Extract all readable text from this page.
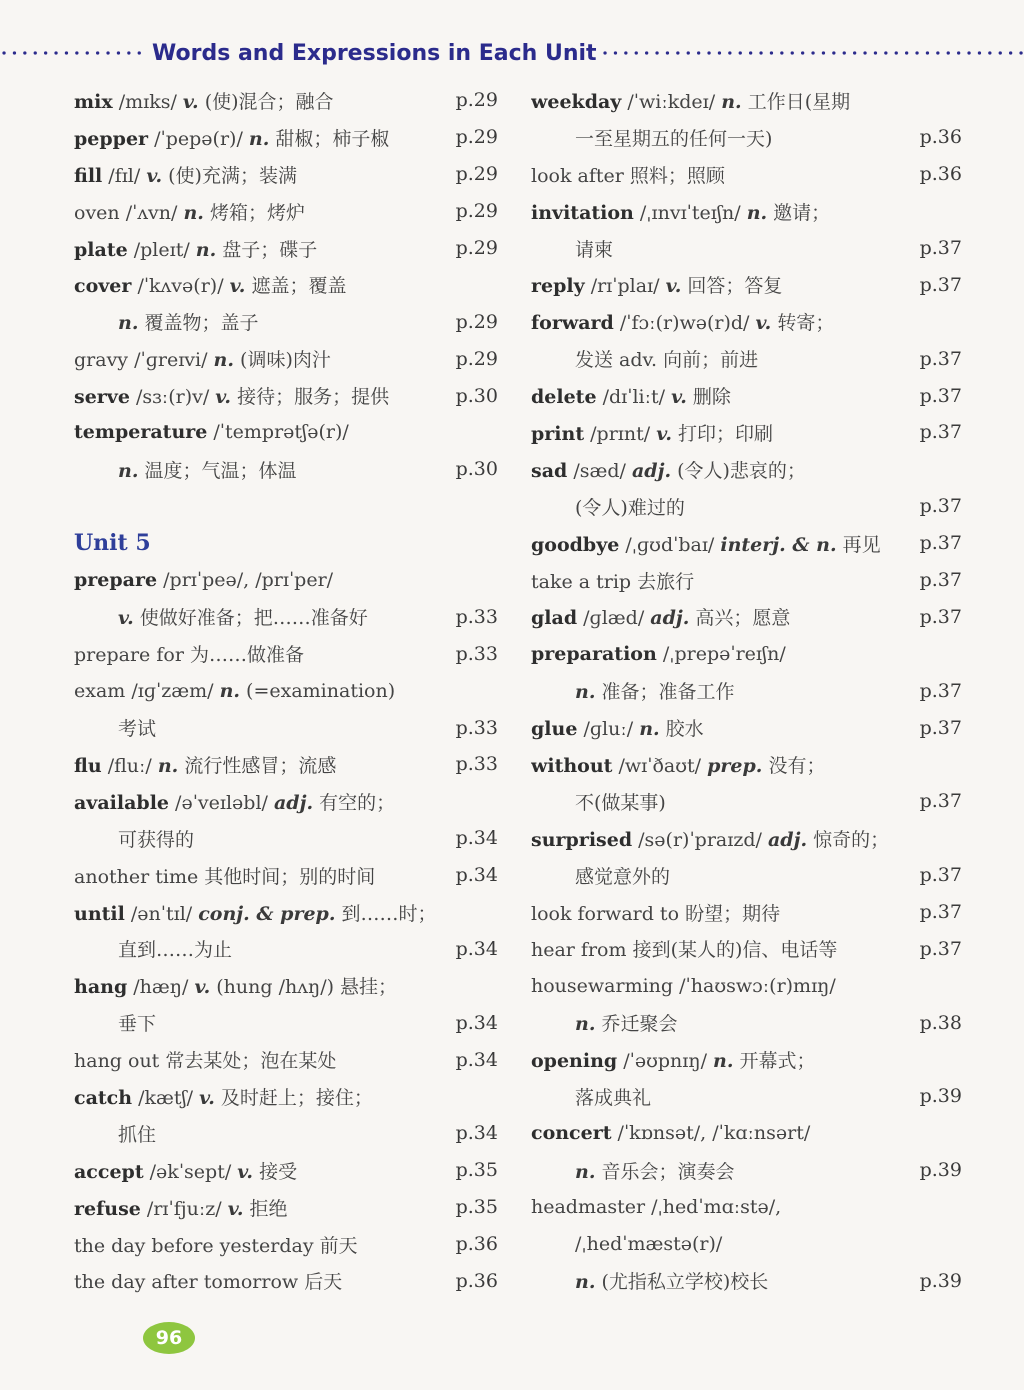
Words and Expressions in Each Unit
mix /mɪks/ v. (使)混合；融合	p.29
pepper /ˈpepə(r)/ n. 甜椒；柿子椒	p.29
fill /fɪl/ v. (使)充满；装满	p.29
oven /ˈʌvn/ n. 烤箱；烤炉	p.29
plate /pleɪt/ n. 盘子；碟子	p.29
cover /ˈkʌvə(r)/ v. 遮盖；覆盖
n. 覆盖物；盖子	p.29
gravy /ˈɡreɪvi/ n. (调味)肉汁	p.29
serve /sɜː(r)v/ v. 接待；服务；提供	p.30
temperature /ˈtemprətʃə(r)/
n. 温度；气温；体温	p.30
Unit 5
prepare /prɪˈpeə/, /prɪˈper/
v. 使做好准备；把……准备好	p.33
prepare for 为……做准备	p.33
exam /ɪɡˈzæm/ n. (=examination)
考试	p.33
flu /fluː/ n. 流行性感冒；流感	p.33
available /əˈveɪləbl/ adj. 有空的；
可获得的	p.34
another time 其他时间；别的时间	p.34
until /ənˈtɪl/ conj. & prep. 到……时；
直到……为止	p.34
hang /hæŋ/ v. (hung /hʌŋ/) 悬挂；
垂下	p.34
hang out 常去某处；泡在某处	p.34
catch /kætʃ/ v. 及时赶上；接住；
抓住	p.34
accept /əkˈsept/ v. 接受	p.35
refuse /rɪˈfjuːz/ v. 拒绝	p.35
the day before yesterday 前天	p.36
the day after tomorrow 后天	p.36
weekday /ˈwiːkdeɪ/ n. 工作日(星期
一至星期五的任何一天)	p.36
look after 照料；照顾	p.36
invitation /ˌɪnvɪˈteɪʃn/ n. 邀请；
请柬	p.37
reply /rɪˈplaɪ/ v. 回答；答复	p.37
forward /ˈfɔː(r)wə(r)d/ v. 转寄；
发送 adv. 向前；前进	p.37
delete /dɪˈliːt/ v. 删除	p.37
print /prɪnt/ v. 打印；印刷	p.37
sad /sæd/ adj. (令人)悲哀的；
(令人)难过的	p.37
goodbye /ˌɡʊdˈbaɪ/ interj. & n. 再见	p.37
take a trip 去旅行	p.37
glad /ɡlæd/ adj. 高兴；愿意	p.37
preparation /ˌprepəˈreɪʃn/
n. 准备；准备工作	p.37
glue /ɡluː/ n. 胶水	p.37
without /wɪˈðaʊt/ prep. 没有；
不(做某事)	p.37
surprised /sə(r)ˈpraɪzd/ adj. 惊奇的；
感觉意外的	p.37
look forward to 盼望；期待	p.37
hear from 接到(某人的)信、电话等	p.37
housewarming /ˈhaʊswɔː(r)mɪŋ/
n. 乔迁聚会	p.38
opening /ˈəʊpnɪŋ/ n. 开幕式；
落成典礼	p.39
concert /ˈkɒnsət/, /ˈkɑːnsərt/
n. 音乐会；演奏会	p.39
headmaster /ˌhedˈmɑːstə/,
/ˌhedˈmæstə(r)/
n. (尤指私立学校)校长	p.39
96
